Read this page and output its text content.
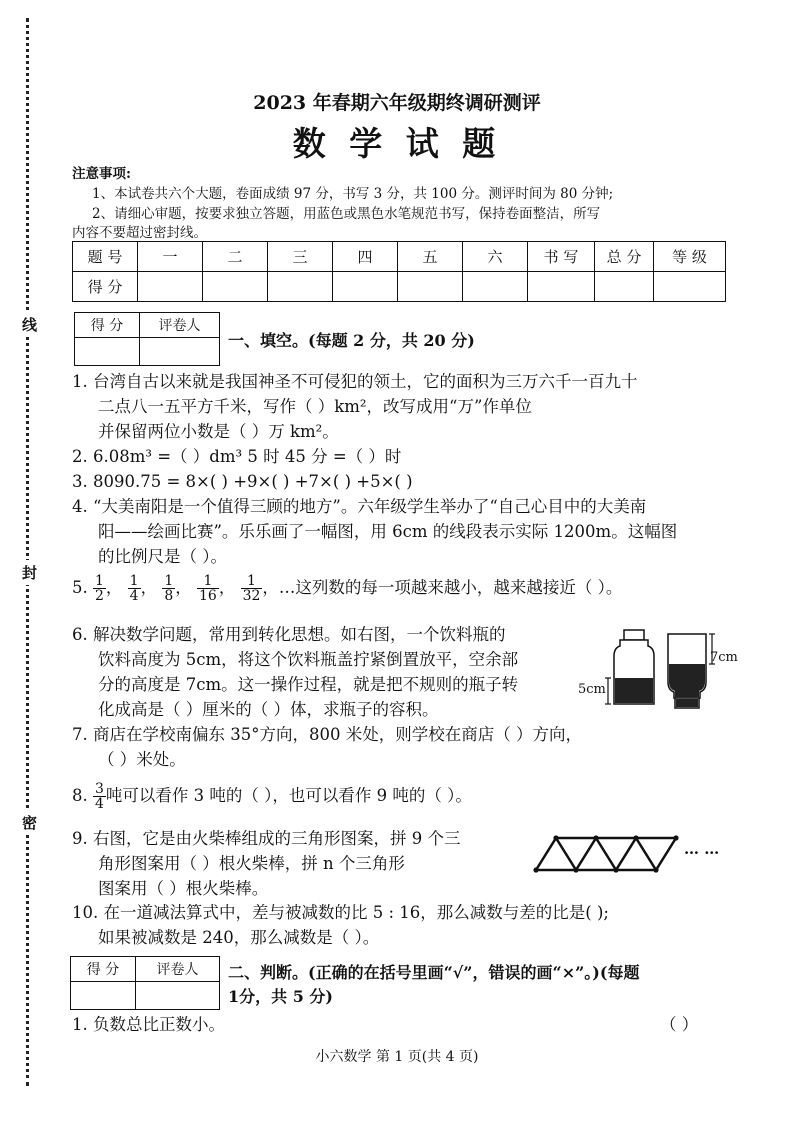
线
封
密
2023 年春期六年级期终调研测评
数 学 试 题
注意事项:
1、本试卷共六个大题，卷面成绩 97 分，书写 3 分，共 100 分。测评时间为 80 分钟;
2、请细心审题，按要求独立答题，用蓝色或黑色水笔规范书写，保持卷面整洁，所写
内容不要超过密封线。
题 号	一	二	三	四	五	六	书 写	总 分	等 级
得 分									
得 分	评卷人

一、填空。(每题 2 分，共 20 分)
1. 台湾自古以来就是我国神圣不可侵犯的领土，它的面积为三万六千一百九十
二点八一五平方千米，写作（ ）km²，改写成用“万”作单位
并保留两位小数是（ ）万 km²。
2. 6.08m³ =（ ）dm³ 5 时 45 分 =（ ）时
3. 8090.75 = 8×( ) +9×( ) +7×( ) +5×( )
4. “大美南阳是一个值得三顾的地方”。六年级学生举办了“自己心目中的大美南
阳——绘画比赛”。乐乐画了一幅图，用 6cm 的线段表示实际 1200m。这幅图
的比例尺是（ ）。
5. $\frac{1}{2}$ ， $\frac{1}{4}$ ， $\frac{1}{8}$ ， $\frac{1}{16}$ ， $\frac{1}{32}$ ，…这列数的每一项越来越小，越来越接近（ ）。
6. 解决数学问题，常用到转化思想。如右图，一个饮料瓶的
饮料高度为 5cm，将这个饮料瓶盖拧紧倒置放平，空余部
分的高度是 7cm。这一操作过程，就是把不规则的瓶子转
化成高是（ ）厘米的（ ）体，求瓶子的容积。
5cm
7cm
7. 商店在学校南偏东 35°方向，800 米处，则学校在商店（ ）方向，
（ ）米处。
8. $\frac{3}{4}$ 吨可以看作 3 吨的（ ），也可以看作 9 吨的（ ）。
9. 右图，它是由火柴棒组成的三角形图案，拼 9 个三
角形图案用（ ）根火柴棒，拼 n 个三角形
图案用（ ）根火柴棒。
… …
10. 在一道减法算式中，差与被减数的比 5 : 16，那么减数与差的比是( );
如果被减数是 240，那么减数是（ ）。
得 分	评卷人
	二、判断。(正确的在括号里画“√”，错误的画“×”。)(每题
1分，共 5 分)
1. 负数总比正数小。	（ ）
小六数学 第 1 页(共 4 页)
